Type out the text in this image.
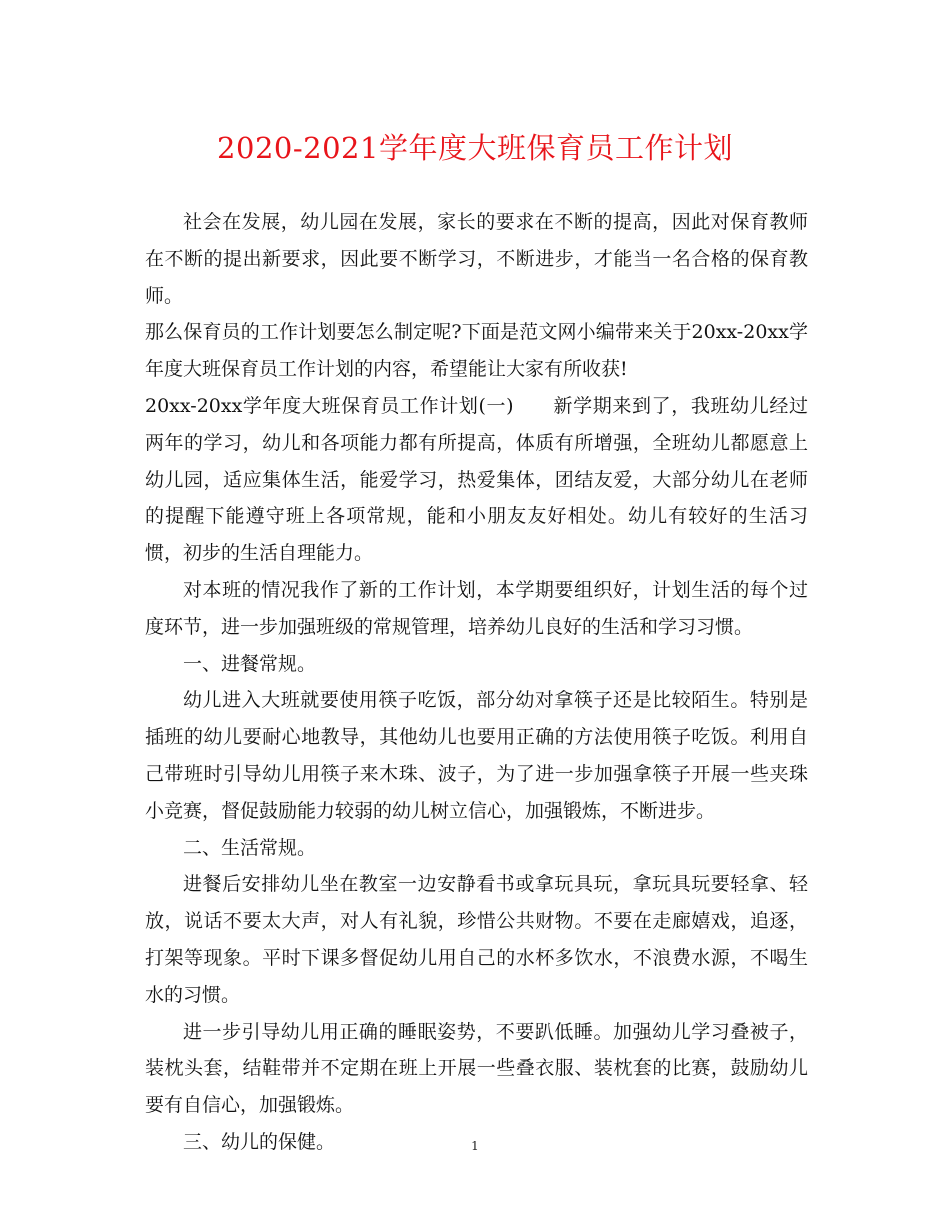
2020-2021学年度大班保育员工作计划

社会在发展，幼儿园在发展，家长的要求在不断的提高，因此对保育教师在不断的提出新要求，因此要不断学习，不断进步，才能当一名合格的保育教师。

那么保育员的工作计划要怎么制定呢?下面是范文网小编带来关于20xx-20xx学年度大班保育员工作计划的内容，希望能让大家有所收获!

20xx-20xx学年度大班保育员工作计划(一)　　新学期来到了，我班幼儿经过两年的学习，幼儿和各项能力都有所提高，体质有所增强，全班幼儿都愿意上幼儿园，适应集体生活，能爱学习，热爱集体，团结友爱，大部分幼儿在老师的提醒下能遵守班上各项常规，能和小朋友友好相处。幼儿有较好的生活习惯，初步的生活自理能力。

对本班的情况我作了新的工作计划，本学期要组织好，计划生活的每个过度环节，进一步加强班级的常规管理，培养幼儿良好的生活和学习习惯。

一、进餐常规。

幼儿进入大班就要使用筷子吃饭，部分幼对拿筷子还是比较陌生。特别是插班的幼儿要耐心地教导，其他幼儿也要用正确的方法使用筷子吃饭。利用自己带班时引导幼儿用筷子来木珠、波子，为了进一步加强拿筷子开展一些夹珠小竞赛，督促鼓励能力较弱的幼儿树立信心，加强锻炼，不断进步。

二、生活常规。

进餐后安排幼儿坐在教室一边安静看书或拿玩具玩，拿玩具玩要轻拿、轻放，说话不要太大声，对人有礼貌，珍惜公共财物。不要在走廊嬉戏，追逐，打架等现象。平时下课多督促幼儿用自己的水杯多饮水，不浪费水源，不喝生水的习惯。

进一步引导幼儿用正确的睡眠姿势，不要趴低睡。加强幼儿学习叠被子，装枕头套，结鞋带并不定期在班上开展一些叠衣服、装枕套的比赛，鼓励幼儿要有自信心，加强锻炼。

三、幼儿的保健。	1
